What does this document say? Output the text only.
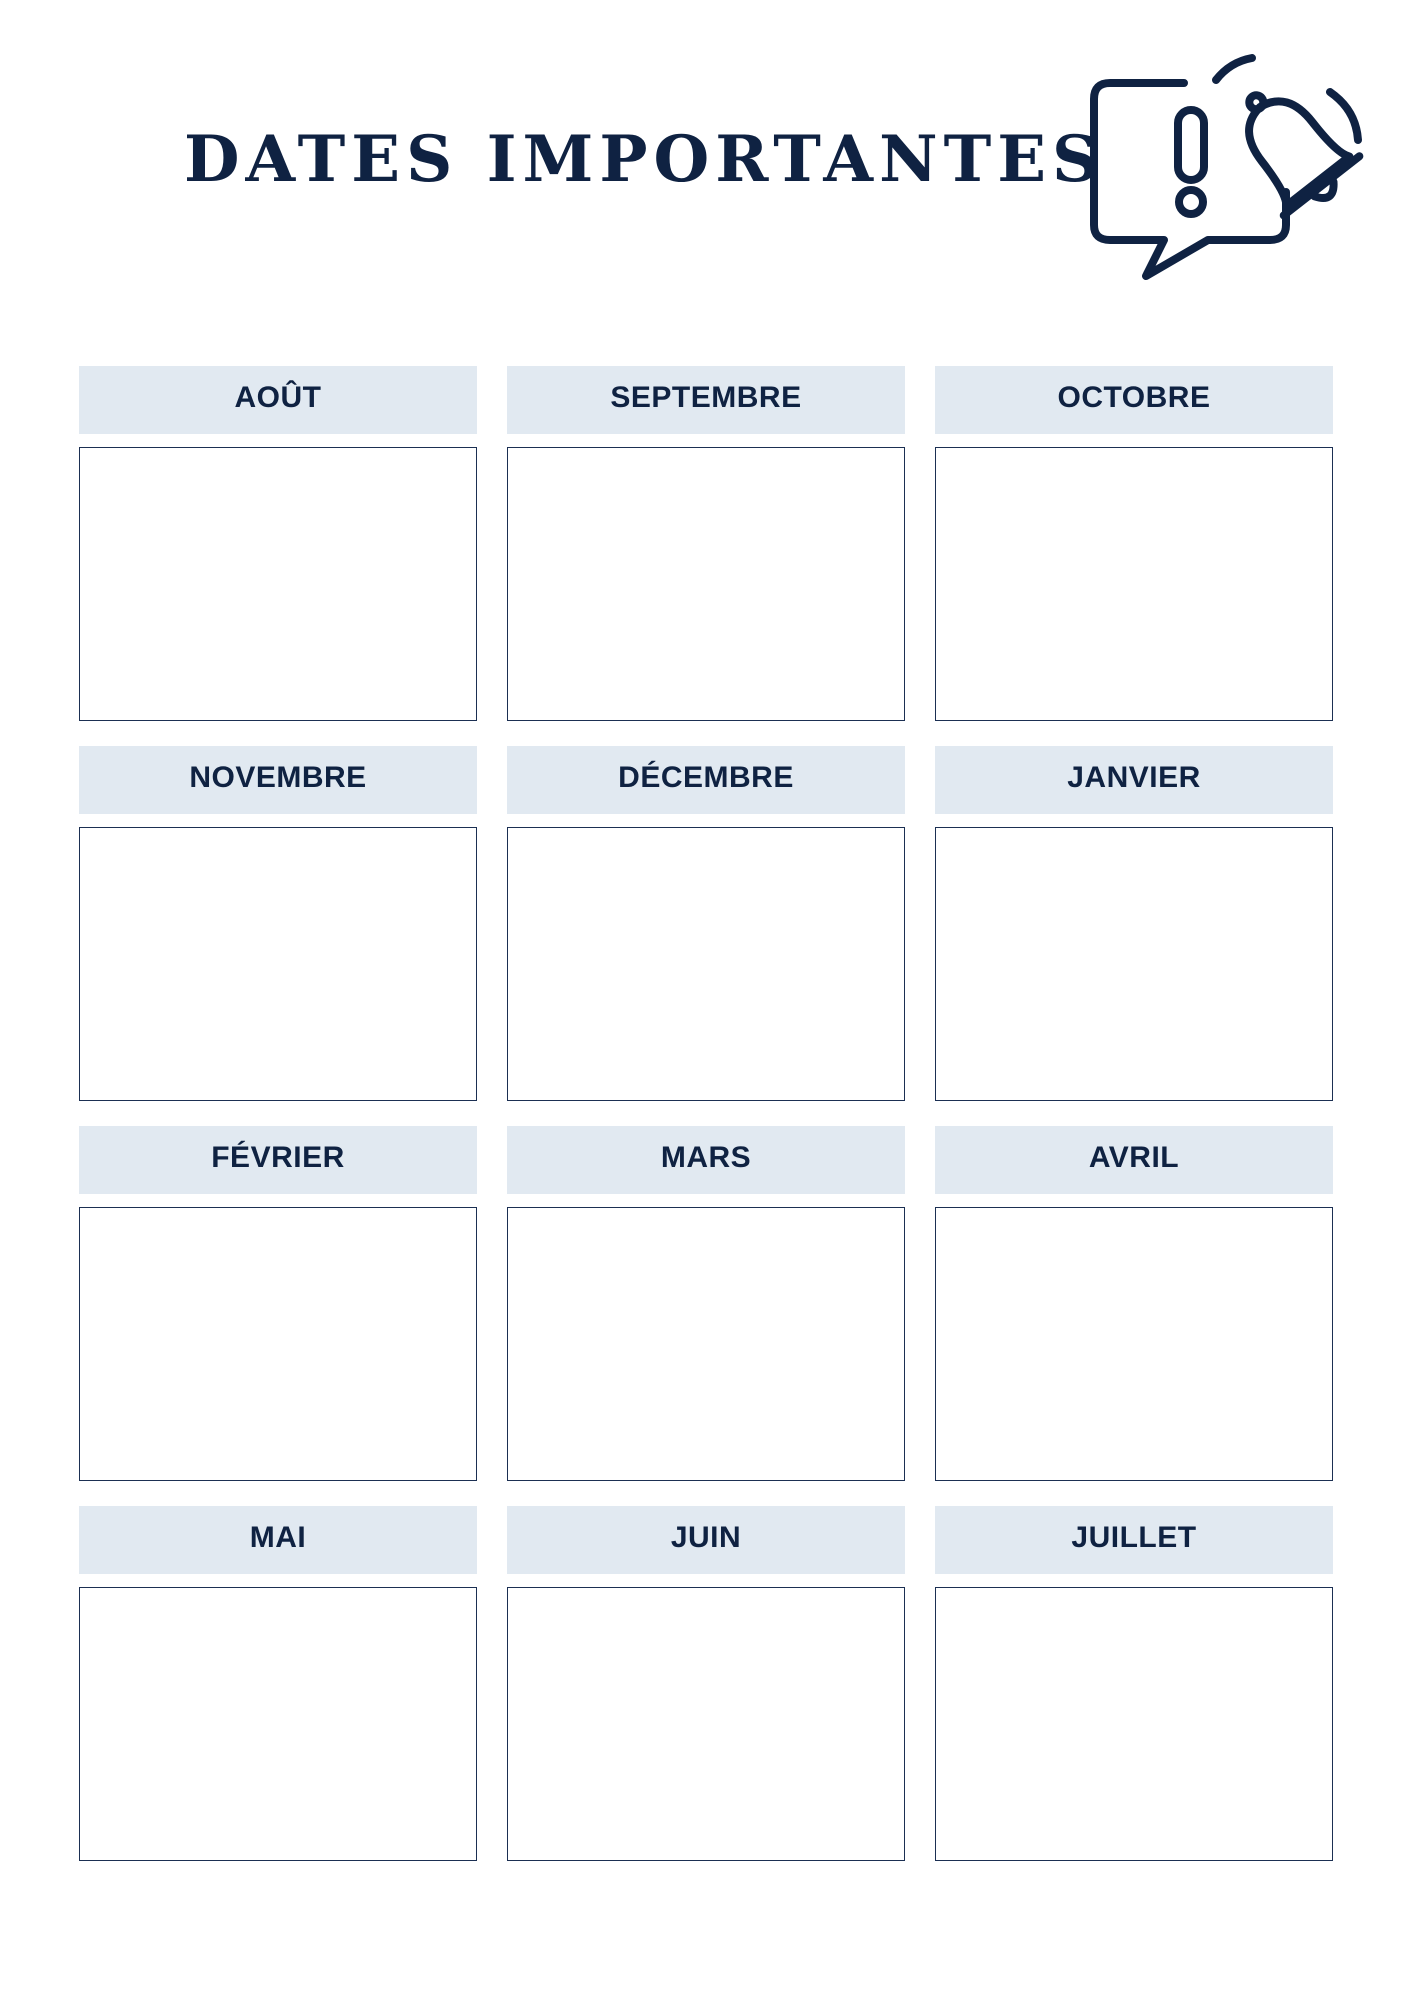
DATES IMPORTANTES
AOÛT	SEPTEMBRE	OCTOBRE
NOVEMBRE	DÉCEMBRE	JANVIER
FÉVRIER	MARS	AVRIL
MAI	JUIN	JUILLET
